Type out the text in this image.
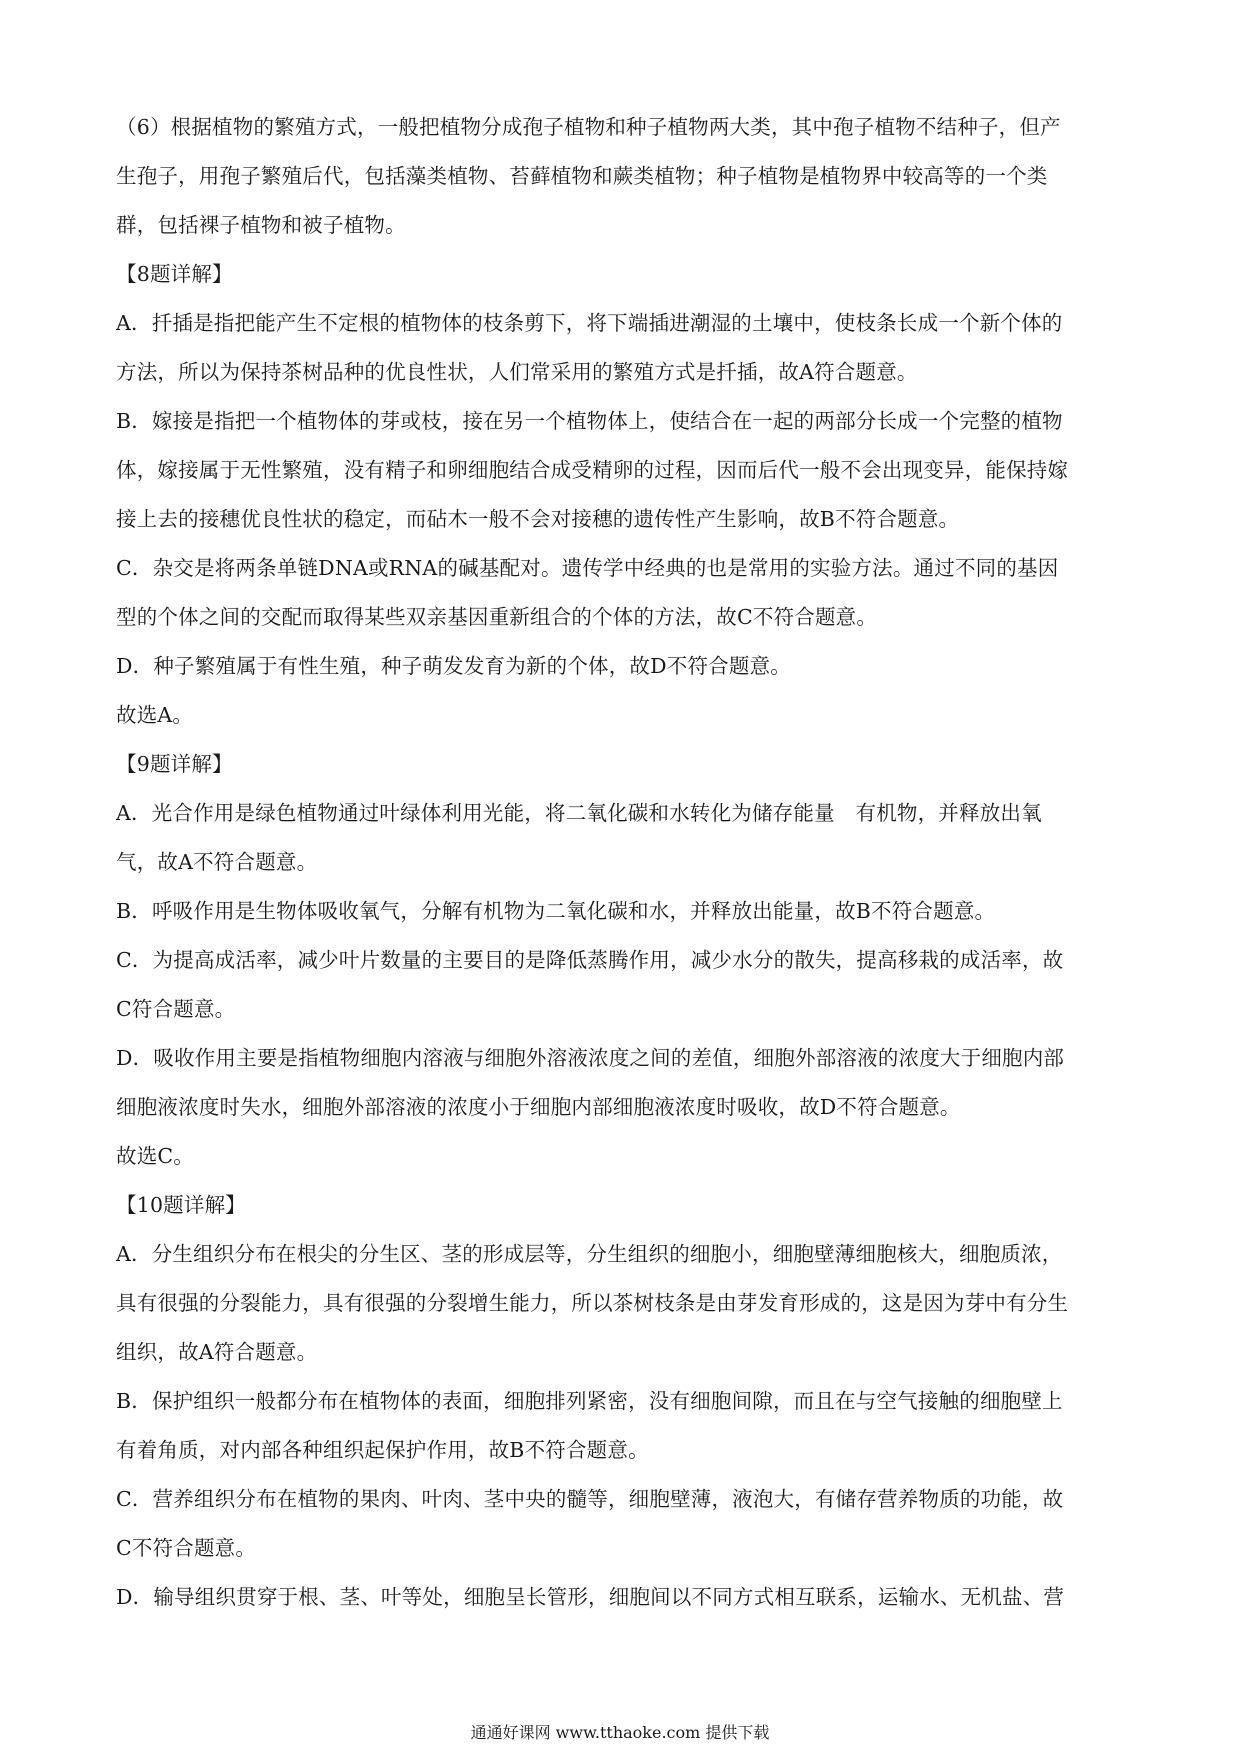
（6）根据植物的繁殖方式，一般把植物分成孢子植物和种子植物两大类，其中孢子植物不结种子，但产
生孢子，用孢子繁殖后代，包括藻类植物、苔藓植物和蕨类植物；种子植物是植物界中较高等的一个类
群，包括裸子植物和被子植物。
【8题详解】
A．扦插是指把能产生不定根的植物体的枝条剪下，将下端插进潮湿的土壤中，使枝条长成一个新个体的
方法，所以为保持茶树品种的优良性状，人们常采用的繁殖方式是扦插，故A符合题意。
B．嫁接是指把一个植物体的芽或枝，接在另一个植物体上，使结合在一起的两部分长成一个完整的植物
体，嫁接属于无性繁殖，没有精子和卵细胞结合成受精卵的过程，因而后代一般不会出现变异，能保持嫁
接上去的接穗优良性状的稳定，而砧木一般不会对接穗的遗传性产生影响，故B不符合题意。
C．杂交是将两条单链DNA或RNA的碱基配对。遗传学中经典的也是常用的实验方法。通过不同的基因
型的个体之间的交配而取得某些双亲基因重新组合的个体的方法，故C不符合题意。
D．种子繁殖属于有性生殖，种子萌发发育为新的个体，故D不符合题意。
故选A。
【9题详解】
A．光合作用是绿色植物通过叶绿体利用光能，将二氧化碳和水转化为储存能量　有机物，并释放出氧
气，故A不符合题意。
B．呼吸作用是生物体吸收氧气，分解有机物为二氧化碳和水，并释放出能量，故B不符合题意。
C．为提高成活率，减少叶片数量的主要目的是降低蒸腾作用，减少水分的散失，提高移栽的成活率，故
C符合题意。
D．吸收作用主要是指植物细胞内溶液与细胞外溶液浓度之间的差值，细胞外部溶液的浓度大于细胞内部
细胞液浓度时失水，细胞外部溶液的浓度小于细胞内部细胞液浓度时吸收，故D不符合题意。
故选C。
【10题详解】
A．分生组织分布在根尖的分生区、茎的形成层等，分生组织的细胞小，细胞壁薄细胞核大，细胞质浓，
具有很强的分裂能力，具有很强的分裂增生能力，所以茶树枝条是由芽发育形成的，这是因为芽中有分生
组织，故A符合题意。
B．保护组织一般都分布在植物体的表面，细胞排列紧密，没有细胞间隙，而且在与空气接触的细胞壁上
有着角质，对内部各种组织起保护作用，故B不符合题意。
C．营养组织分布在植物的果肉、叶肉、茎中央的髓等，细胞壁薄，液泡大，有储存营养物质的功能，故
C不符合题意。
D．输导组织贯穿于根、茎、叶等处，细胞呈长管形，细胞间以不同方式相互联系，运输水、无机盐、营
通通好课网 www.tthaoke.com 提供下载
